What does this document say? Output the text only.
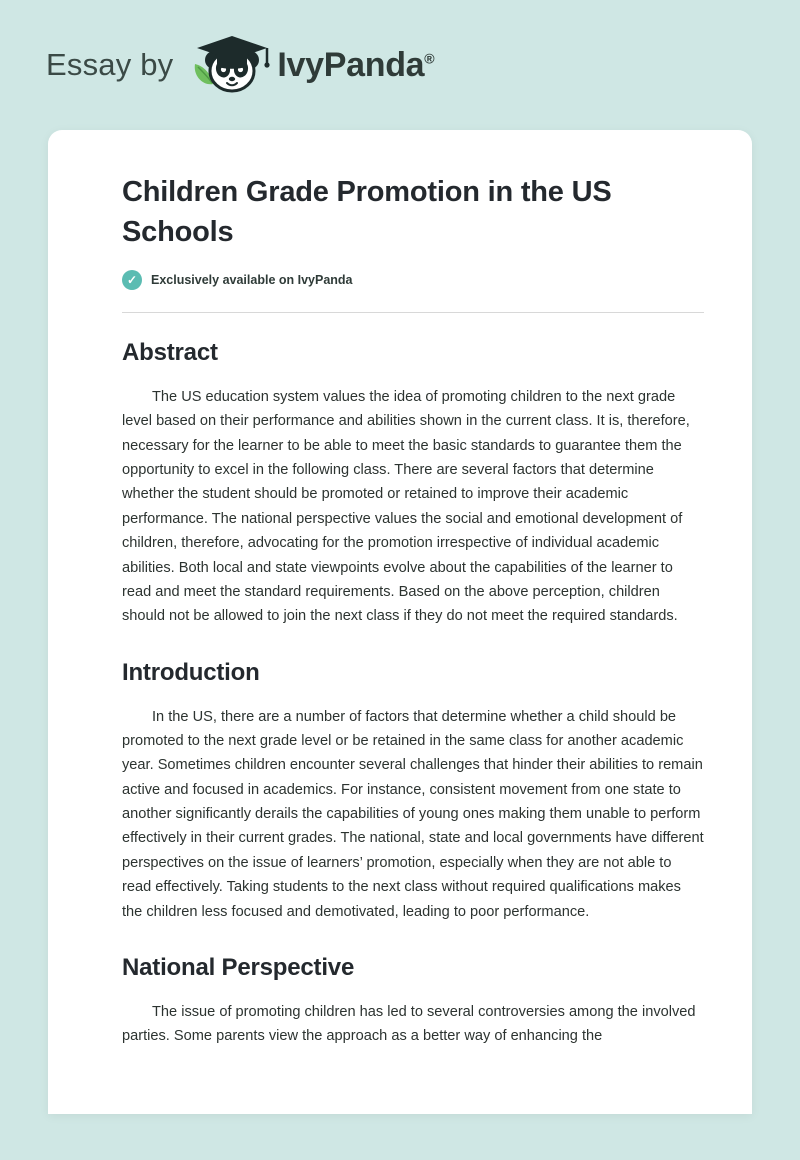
Essay by	IvyPanda®
Children Grade Promotion in the US Schools
✓	Exclusively available on IvyPanda
Abstract

The US education system values the idea of promoting children to the next grade level based on their performance and abilities shown in the current class. It is, therefore, necessary for the learner to be able to meet the basic standards to guarantee them the opportunity to excel in the following class. There are several factors that determine whether the student should be promoted or retained to improve their academic performance. The national perspective values the social and emotional development of children, therefore, advocating for the promotion irrespective of individual academic abilities. Both local and state viewpoints evolve about the capabilities of the learner to read and meet the standard requirements. Based on the above perception, children should not be allowed to join the next class if they do not meet the required standards.

Introduction

In the US, there are a number of factors that determine whether a child should be promoted to the next grade level or be retained in the same class for another academic year. Sometimes children encounter several challenges that hinder their abilities to remain active and focused in academics. For instance, consistent movement from one state to another significantly derails the capabilities of young ones making them unable to perform effectively in their current grades. The national, state and local governments have different perspectives on the issue of learners’ promotion, especially when they are not able to read effectively. Taking students to the next class without required qualifications makes the children less focused and demotivated, leading to poor performance.

National Perspective

The issue of promoting children has led to several controversies among the involved parties. Some parents view the approach as a better way of enhancing the
